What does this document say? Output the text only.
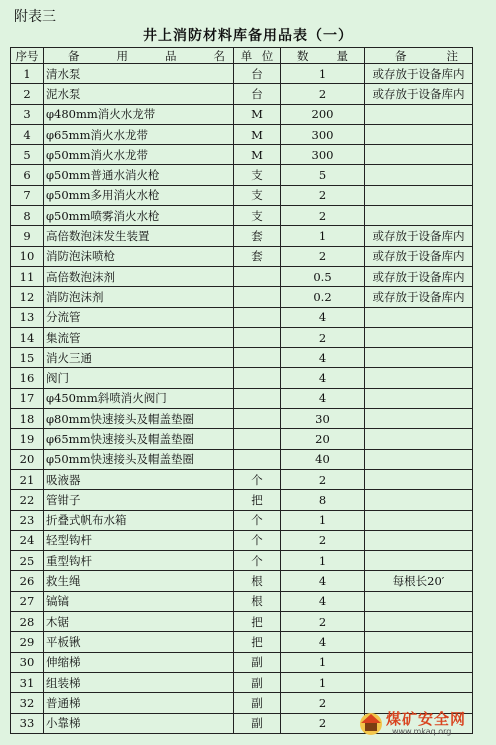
附表三
井上消防材料库备用品表（一）
序号	备 用 品 名	单 位	数 量	备 注

1	清水泵	台	1	或存放于设备库内
2	泥水泵	台	2	或存放于设备库内
3	φ480mm消火水龙带	M	200	
4	φ65mm消火水龙带	M	300	
5	φ50mm消火水龙带	M	300	
6	φ50mm普通水消火枪	支	5	
7	φ50mm多用消火水枪	支	2	
8	φ50mm喷雾消火水枪	支	2	
9	高倍数泡沫发生装置	套	1	或存放于设备库内
10	消防泡沫喷枪	套	2	或存放于设备库内
11	高倍数泡沫剂		0.5	或存放于设备库内
12	消防泡沫剂		0.2	或存放于设备库内
13	分流管		4	
14	集流管		2	
15	消火三通		4	
16	阀门		4	
17	φ450mm斜喷消火阀门		4	
18	φ80mm快速接头及帽盖垫圈		30	
19	φ65mm快速接头及帽盖垫圈		20	
20	φ50mm快速接头及帽盖垫圈		40	
21	吸液器	个	2	
22	管钳子	把	8	
23	折叠式帆布水箱	个	1	
24	轻型钩杆	个	2	
25	重型钩杆	个	1	
26	救生绳	根	4	每根长20′
27	镐镐	根	4	
28	木锯	把	2	
29	平板锹	把	4	
30	伸缩梯	副	1	
31	组装梯	副	1	
32	普通梯	副	2	
33	小靠梯	副	2		煤矿安全网
www.mkaq.org
